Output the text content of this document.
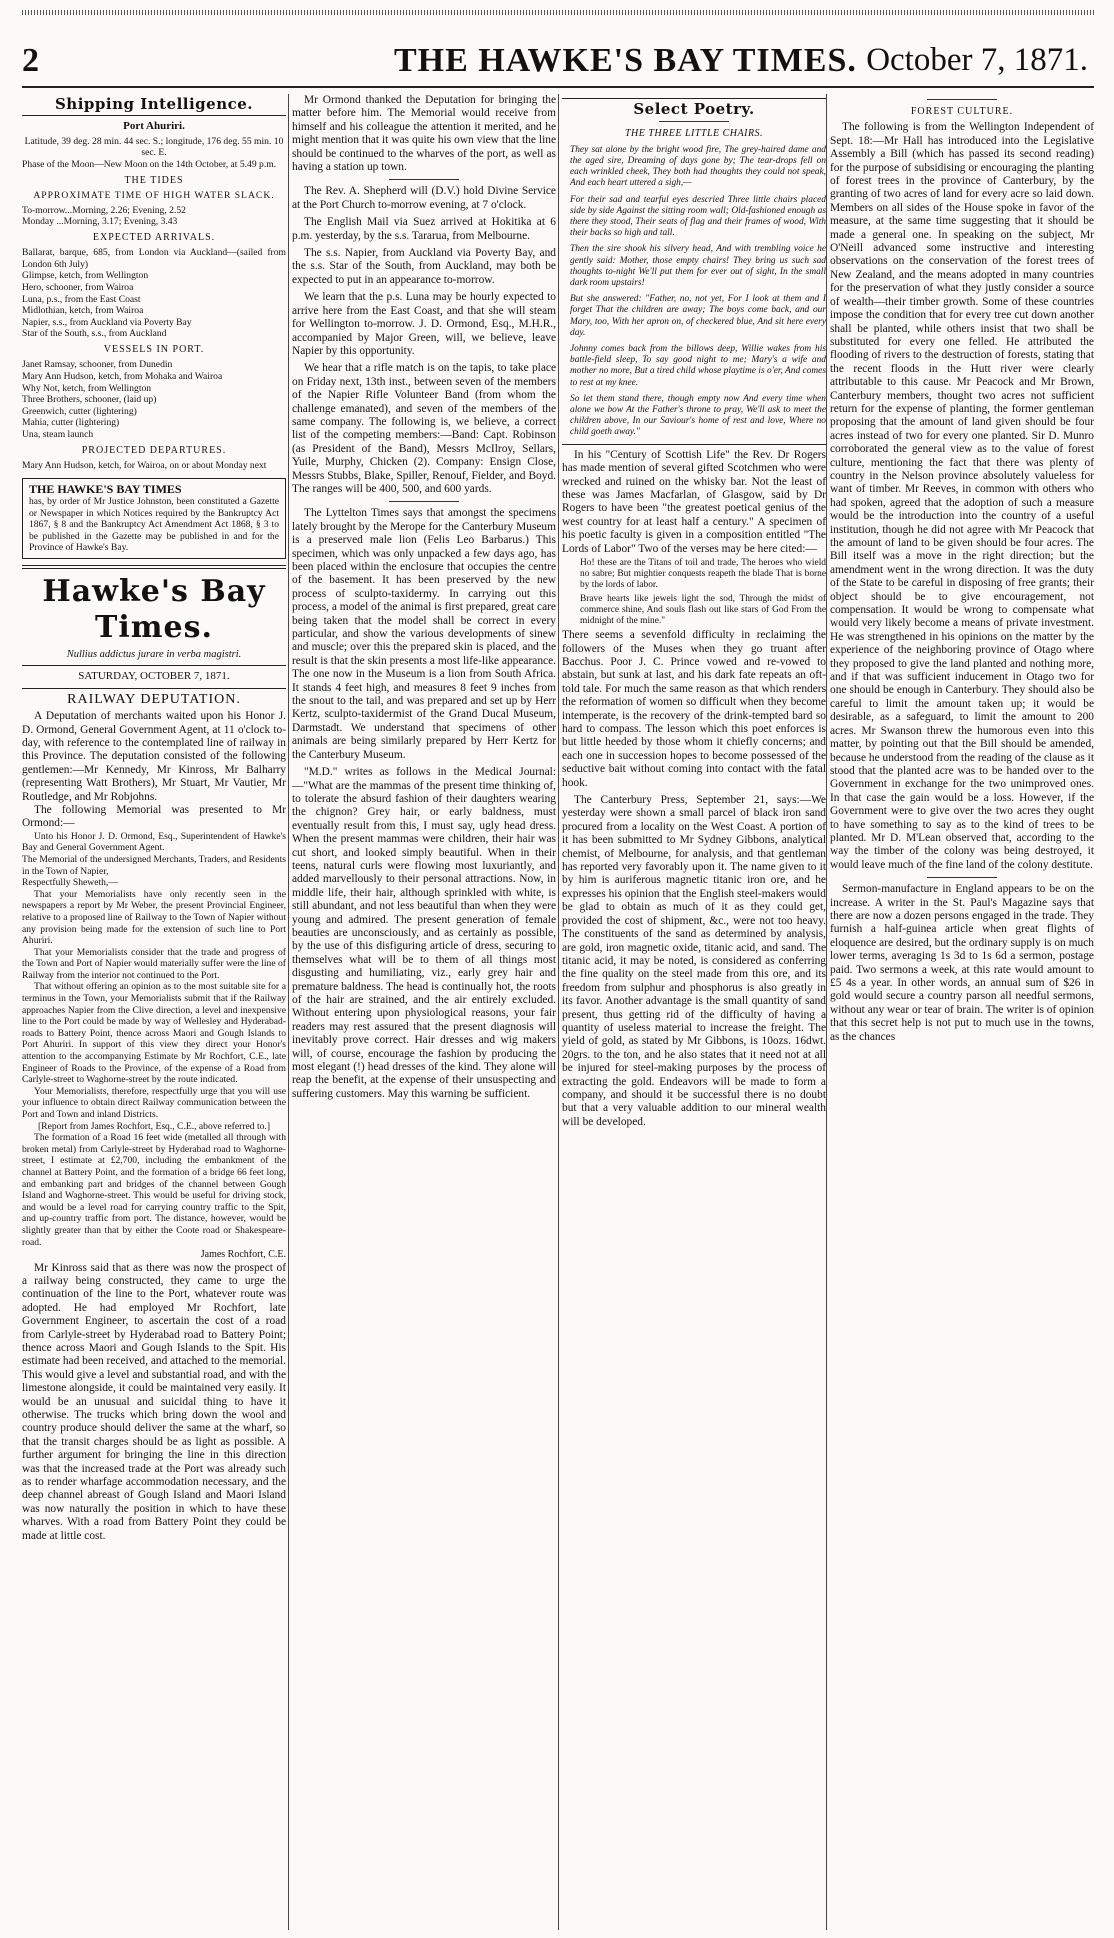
2	THE HAWKE'S BAY TIMES. October 7, 1871.
Shipping Intelligence.
Port Ahuriri.

Latitude, 39 deg. 28 min. 44 sec. S.; longitude, 176 deg. 55 min. 10 sec. E.

Phase of the Moon—New Moon on the 14th October, at 5.49 p.m.

THE TIDES
APPROXIMATE TIME OF HIGH WATER SLACK.

To-morrow...Morning, 2.26; Evening, 2.52

Monday ...Morning, 3.17; Evening, 3.43

EXPECTED ARRIVALS.

Ballarat, barque, 685, from London via Auckland—(sailed from London 6th July)

Glimpse, ketch, from Wellington

Hero, schooner, from Wairoa

Luna, p.s., from the East Coast

Midlothian, ketch, from Wairoa

Napier, s.s., from Auckland via Poverty Bay

Star of the South, s.s., from Auckland

VESSELS IN PORT.

Janet Ramsay, schooner, from Dunedin

Mary Ann Hudson, ketch, from Mohaka and Wairoa

Why Not, ketch, from Wellington

Three Brothers, schooner, (laid up)

Greenwich, cutter (lightering)

Mahia, cutter (lightering)

Una, steam launch

PROJECTED DEPARTURES.

Mary Ann Hudson, ketch, for Wairoa, on or about Monday next

THE HAWKE'S BAY TIMES

has, by order of Mr Justice Johnston, been constituted a Gazette or Newspaper in which Notices required by the Bankruptcy Act 1867, § 8 and the Bankruptcy Act Amendment Act 1868, § 3 to be published in the Gazette may be published in and for the Province of Hawke's Bay.

Hawke's Bay Times.
Nullius addictus jurare in verba magistri.
SATURDAY, OCTOBER 7, 1871.
RAILWAY DEPUTATION.

A Deputation of merchants waited upon his Honor J. D. Ormond, General Government Agent, at 11 o'clock to-day, with reference to the contemplated line of railway in this Province. The deputation consisted of the following gentlemen:—Mr Kennedy, Mr Kinross, Mr Balharry (representing Watt Brothers), Mr Stuart, Mr Vautier, Mr Routledge, and Mr Robjohns.

The following Memorial was presented to Mr Ormond:—

Unto his Honor J. D. Ormond, Esq., Superintendent of Hawke's Bay and General Government Agent.

The Memorial of the undersigned Merchants, Traders, and Residents in the Town of Napier,

Respectfully Sheweth,—

That your Memorialists have only recently seen in the newspapers a report by Mr Weber, the present Provincial Engineer, relative to a proposed line of Railway to the Town of Napier without any provision being made for the extension of such line to Port Ahuriri.

That your Memorialists consider that the trade and progress of the Town and Port of Napier would materially suffer were the line of Railway from the interior not continued to the Port.

That without offering an opinion as to the most suitable site for a terminus in the Town, your Memorialists submit that if the Railway approaches Napier from the Clive direction, a level and inexpensive line to the Port could be made by way of Wellesley and Hyderabad-roads to Battery Point, thence across Maori and Gough Islands to Port Ahuriri. In support of this view they direct your Honor's attention to the accompanying Estimate by Mr Rochfort, C.E., late Engineer of Roads to the Province, of the expense of a Road from Carlyle-street to Waghorne-street by the route indicated.

Your Memorialists, therefore, respectfully urge that you will use your influence to obtain direct Railway communication between the Port and Town and inland Districts.

[Report from James Rochfort, Esq., C.E., above referred to.]

The formation of a Road 16 feet wide (metalled all through with broken metal) from Carlyle-street by Hyderabad road to Waghorne-street, I estimate at £2,700, including the embankment of the channel at Battery Point, and the formation of a bridge 66 feet long, and embanking part and bridges of the channel between Gough Island and Waghorne-street. This would be useful for driving stock, and would be a level road for carrying country traffic to the Spit, and up-country traffic from port. The distance, however, would be slightly greater than that by either the Coote road or Shakespeare-road.

James Rochfort, C.E.

Mr Kinross said that as there was now the prospect of a railway being constructed, they came to urge the continuation of the line to the Port, whatever route was adopted. He had employed Mr Rochfort, late Government Engineer, to ascertain the cost of a road from Carlyle-street by Hyderabad road to Battery Point; thence across Maori and Gough Islands to the Spit. His estimate had been received, and attached to the memorial. This would give a level and substantial road, and with the limestone alongside, it could be maintained very easily. It would be an unusual and suicidal thing to have it otherwise. The trucks which bring down the wool and country produce should deliver the same at the wharf, so that the transit charges should be as light as possible. A further argument for bringing the line in this direction was that the increased trade at the Port was already such as to render wharfage accommodation necessary, and the deep channel abreast of Gough Island and Maori Island was now naturally the position in which to have these wharves. With a road from Battery Point they could be made at little cost.

Mr Ormond thanked the Deputation for bringing the matter before him. The Memorial would receive from himself and his colleague the attention it merited, and he might mention that it was quite his own view that the line should be continued to the wharves of the port, as well as having a station up town.

The Rev. A. Shepherd will (D.V.) hold Divine Service at the Port Church to-morrow evening, at 7 o'clock.

The English Mail via Suez arrived at Hokitika at 6 p.m. yesterday, by the s.s. Tararua, from Melbourne.

The s.s. Napier, from Auckland via Poverty Bay, and the s.s. Star of the South, from Auckland, may both be expected to put in an appearance to-morrow.

We learn that the p.s. Luna may be hourly expected to arrive here from the East Coast, and that she will steam for Wellington to-morrow. J. D. Ormond, Esq., M.H.R., accompanied by Major Green, will, we believe, leave Napier by this opportunity.

We hear that a rifle match is on the tapis, to take place on Friday next, 13th inst., between seven of the members of the Napier Rifle Volunteer Band (from whom the challenge emanated), and seven of the members of the same company. The following is, we believe, a correct list of the competing members:—Band: Capt. Robinson (as President of the Band), Messrs McIlroy, Sellars, Yuile, Murphy, Chicken (2). Company: Ensign Close, Messrs Stubbs, Blake, Spiller, Renouf, Fielder, and Boyd. The ranges will be 400, 500, and 600 yards.

The Lyttelton Times says that amongst the specimens lately brought by the Merope for the Canterbury Museum is a preserved male lion (Felis Leo Barbarus.) This specimen, which was only unpacked a few days ago, has been placed within the enclosure that occupies the centre of the basement. It has been preserved by the new process of sculpto-taxidermy. In carrying out this process, a model of the animal is first prepared, great care being taken that the model shall be correct in every particular, and show the various developments of sinew and muscle; over this the prepared skin is placed, and the result is that the skin presents a most life-like appearance. The one now in the Museum is a lion from South Africa. It stands 4 feet high, and measures 8 feet 9 inches from the snout to the tail, and was prepared and set up by Herr Kertz, sculpto-taxidermist of the Grand Ducal Museum, Darmstadt. We understand that specimens of other animals are being similarly prepared by Herr Kertz for the Canterbury Museum.

"M.D." writes as follows in the Medical Journal:—"What are the mammas of the present time thinking of, to tolerate the absurd fashion of their daughters wearing the chignon? Grey hair, or early baldness, must eventually result from this, I must say, ugly head dress. When the present mammas were children, their hair was cut short, and looked simply beautiful. When in their teens, natural curls were flowing most luxuriantly, and added marvellously to their personal attractions. Now, in middle life, their hair, although sprinkled with white, is still abundant, and not less beautiful than when they were young and admired. The present generation of female beauties are unconsciously, and as certainly as possible, by the use of this disfiguring article of dress, securing to themselves what will be to them of all things most disgusting and humiliating, viz., early grey hair and premature baldness. The head is continually hot, the roots of the hair are strained, and the air entirely excluded. Without entering upon physiological reasons, your fair readers may rest assured that the present diagnosis will inevitably prove correct. Hair dresses and wig makers will, of course, encourage the fashion by producing the most elegant (!) head dresses of the kind. They alone will reap the benefit, at the expense of their unsuspecting and suffering customers. May this warning be sufficient.

Select Poetry.
THE THREE LITTLE CHAIRS.

They sat alone by the bright wood fire, The grey-haired dame and the aged sire, Dreaming of days gone by; The tear-drops fell on each wrinkled cheek, They both had thoughts they could not speak, And each heart uttered a sigh,—

For their sad and tearful eyes descried Three little chairs placed side by side Against the sitting room wall; Old-fashioned enough as there they stood, Their seats of flag and their frames of wood, With their backs so high and tall.

Then the sire shook his silvery head, And with trembling voice he gently said: Mother, those empty chairs! They bring us such sad thoughts to-night We'll put them for ever out of sight, In the small dark room upstairs!

But she answered: "Father, no, not yet, For I look at them and I forget That the children are away; The boys come back, and our Mary, too, With her apron on, of checkered blue, And sit here every day.

Johnny comes back from the billows deep, Willie wakes from his battle-field sleep, To say good night to me; Mary's a wife and mother no more, But a tired child whose playtime is o'er, And comes to rest at my knee.

So let them stand there, though empty now And every time when alone we bow At the Father's throne to pray, We'll ask to meet the children above, In our Saviour's home of rest and love, Where no child goeth away."

In his "Century of Scottish Life" the Rev. Dr Rogers has made mention of several gifted Scotchmen who were wrecked and ruined on the whisky bar. Not the least of these was James Macfarlan, of Glasgow, said by Dr Rogers to have been "the greatest poetical genius of the west country for at least half a century." A specimen of his poetic faculty is given in a composition entitled "The Lords of Labor" Two of the verses may be here cited:—

Ho! these are the Titans of toil and trade, The heroes who wield no sabre; But mightier conquests reapeth the blade That is borne by the lords of labor.

Brave hearts like jewels light the sod, Through the midst of commerce shine, And souls flash out like stars of God From the midnight of the mine."

There seems a sevenfold difficulty in reclaiming the followers of the Muses when they go truant after Bacchus. Poor J. C. Prince vowed and re-vowed to abstain, but sunk at last, and his dark fate repeats an oft-told tale. For much the same reason as that which renders the reformation of women so difficult when they become intemperate, is the recovery of the drink-tempted bard so hard to compass. The lesson which this poet enforces is but little heeded by those whom it chiefly concerns; and each one in succession hopes to become possessed of the seductive bait without coming into contact with the fatal hook.

The Canterbury Press, September 21, says:—We yesterday were shown a small parcel of black iron sand procured from a locality on the West Coast. A portion of it has been submitted to Mr Sydney Gibbons, analytical chemist, of Melbourne, for analysis, and that gentleman has reported very favorably upon it. The name given to it by him is auriferous magnetic titanic iron ore, and he expresses his opinion that the English steel-makers would be glad to obtain as much of it as they could get, provided the cost of shipment, &c., were not too heavy. The constituents of the sand as determined by analysis, are gold, iron magnetic oxide, titanic acid, and sand. The titanic acid, it may be noted, is considered as conferring the fine quality on the steel made from this ore, and its freedom from sulphur and phosphorus is also greatly in its favor. Another advantage is the small quantity of sand present, thus getting rid of the difficulty of having a quantity of useless material to increase the freight. The yield of gold, as stated by Mr Gibbons, is 10ozs. 16dwt. 20grs. to the ton, and he also states that it need not at all be injured for steel-making purposes by the process of extracting the gold. Endeavors will be made to form a company, and should it be successful there is no doubt but that a very valuable addition to our mineral wealth will be developed.

FOREST CULTURE.

The following is from the Wellington Independent of Sept. 18:—Mr Hall has introduced into the Legislative Assembly a Bill (which has passed its second reading) for the purpose of subsidising or encouraging the planting of forest trees in the province of Canterbury, by the granting of two acres of land for every acre so laid down. Members on all sides of the House spoke in favor of the measure, at the same time suggesting that it should be made a general one. In speaking on the subject, Mr O'Neill advanced some instructive and interesting observations on the conservation of the forest trees of New Zealand, and the means adopted in many countries for the preservation of what they justly consider a source of wealth—their timber growth. Some of these countries impose the condition that for every tree cut down another shall be planted, while others insist that two shall be substituted for every one felled. He attributed the flooding of rivers to the destruction of forests, stating that the recent floods in the Hutt river were clearly attributable to this cause. Mr Peacock and Mr Brown, Canterbury members, thought two acres not sufficient return for the expense of planting, the former gentleman proposing that the amount of land given should be four acres instead of two for every one planted. Sir D. Munro corroborated the general view as to the value of forest culture, mentioning the fact that there was plenty of country in the Nelson province absolutely valueless for want of timber. Mr Reeves, in common with others who had spoken, agreed that the adoption of such a measure would be the introduction into the country of a useful institution, though he did not agree with Mr Peacock that the amount of land to be given should be four acres. The Bill itself was a move in the right direction; but the amendment went in the wrong direction. It was the duty of the State to be careful in disposing of free grants; their object should be to give encouragement, not compensation. It would be wrong to compensate what would very likely become a means of private investment. He was strengthened in his opinions on the matter by the experience of the neighboring province of Otago where they proposed to give the land planted and nothing more, and if that was sufficient inducement in Otago two for one should be enough in Canterbury. They should also be careful to limit the amount taken up; it would be desirable, as a safeguard, to limit the amount to 200 acres. Mr Swanson threw the humorous even into this matter, by pointing out that the Bill should be amended, because he understood from the reading of the clause as it stood that the planted acre was to be handed over to the Government in exchange for the two unimproved ones. In that case the gain would be a loss. However, if the Government were to give over the two acres they ought to have something to say as to the kind of trees to be planted. Mr D. M'Lean observed that, according to the way the timber of the colony was being destroyed, it would leave much of the fine land of the colony destitute.

Sermon-manufacture in England appears to be on the increase. A writer in the St. Paul's Magazine says that there are now a dozen persons engaged in the trade. They furnish a half-guinea article when great flights of eloquence are desired, but the ordinary supply is on much lower terms, averaging 1s 3d to 1s 6d a sermon, postage paid. Two sermons a week, at this rate would amount to £5 4s a year. In other words, an annual sum of $26 in gold would secure a country parson all needful sermons, without any wear or tear of brain. The writer is of opinion that this secret help is not put to much use in the towns, as the chances
